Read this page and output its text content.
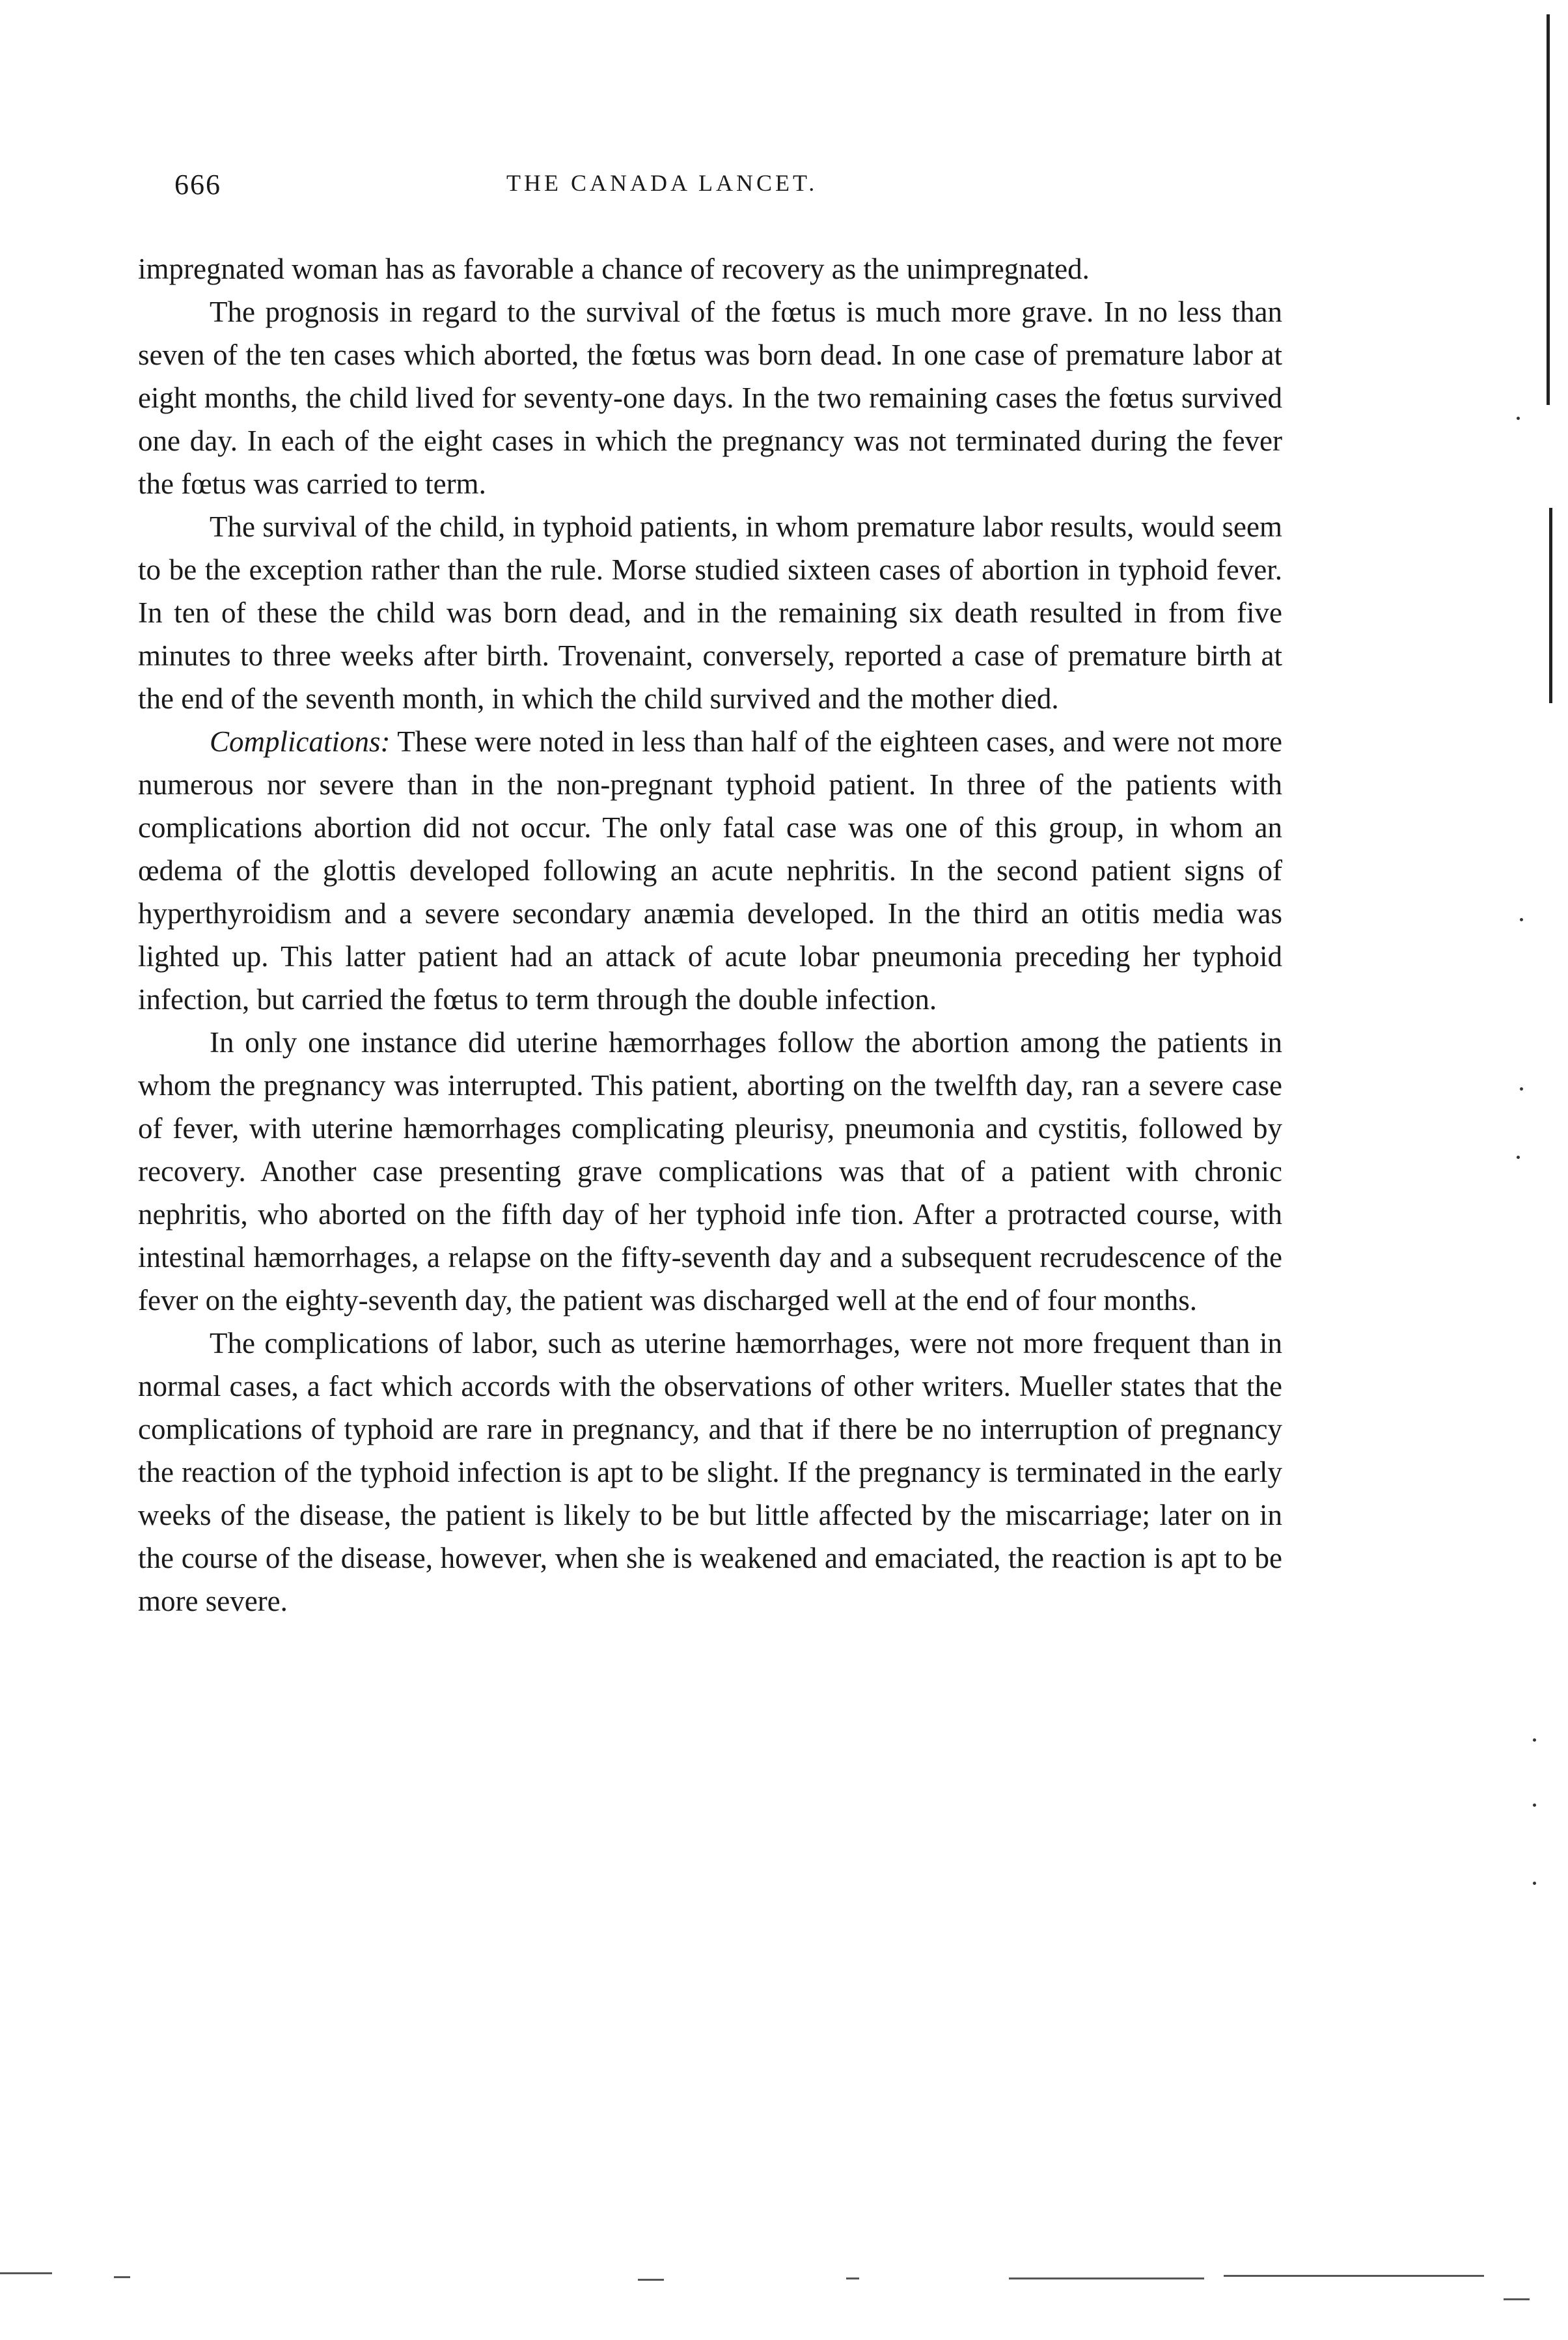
666	THE CANADA LANCET.

impregnated woman has as favorable a chance of recovery as the unimpregnated.

The prognosis in regard to the survival of the fœtus is much more grave. In no less than seven of the ten cases which aborted, the fœtus was born dead. In one case of premature labor at eight months, the child lived for seventy-one days. In the two remaining cases the fœtus survived one day. In each of the eight cases in which the pregnancy was not terminated during the fever the fœtus was carried to term.

The survival of the child, in typhoid patients, in whom premature labor results, would seem to be the exception rather than the rule. Morse studied sixteen cases of abortion in typhoid fever. In ten of these the child was born dead, and in the remaining six death resulted in from five minutes to three weeks after birth. Trovenaint, conversely, reported a case of premature birth at the end of the seventh month, in which the child survived and the mother died.

Complications: These were noted in less than half of the eighteen cases, and were not more numerous nor severe than in the non-pregnant typhoid patient. In three of the patients with complications abortion did not occur. The only fatal case was one of this group, in whom an œdema of the glottis developed following an acute nephritis. In the second patient signs of hyperthyroidism and a severe secondary anæmia developed. In the third an otitis media was lighted up. This latter patient had an attack of acute lobar pneumonia preceding her typhoid infection, but carried the fœtus to term through the double infection.

In only one instance did uterine hæmorrhages follow the abortion among the patients in whom the pregnancy was interrupted. This patient, aborting on the twelfth day, ran a severe case of fever, with uterine hæmorrhages complicating pleurisy, pneumonia and cystitis, followed by recovery. Another case presenting grave complications was that of a patient with chronic nephritis, who aborted on the fifth day of her typhoid infe tion. After a protracted course, with intestinal hæmorrhages, a relapse on the fifty-seventh day and a subsequent recrudescence of the fever on the eighty-seventh day, the patient was discharged well at the end of four months.

The complications of labor, such as uterine hæmorrhages, were not more frequent than in normal cases, a fact which accords with the observations of other writers. Mueller states that the complications of typhoid are rare in pregnancy, and that if there be no interruption of pregnancy the reaction of the typhoid infection is apt to be slight. If the pregnancy is terminated in the early weeks of the disease, the patient is likely to be but little affected by the miscarriage; later on in the course of the disease, however, when she is weakened and emaciated, the reaction is apt to be more severe.
